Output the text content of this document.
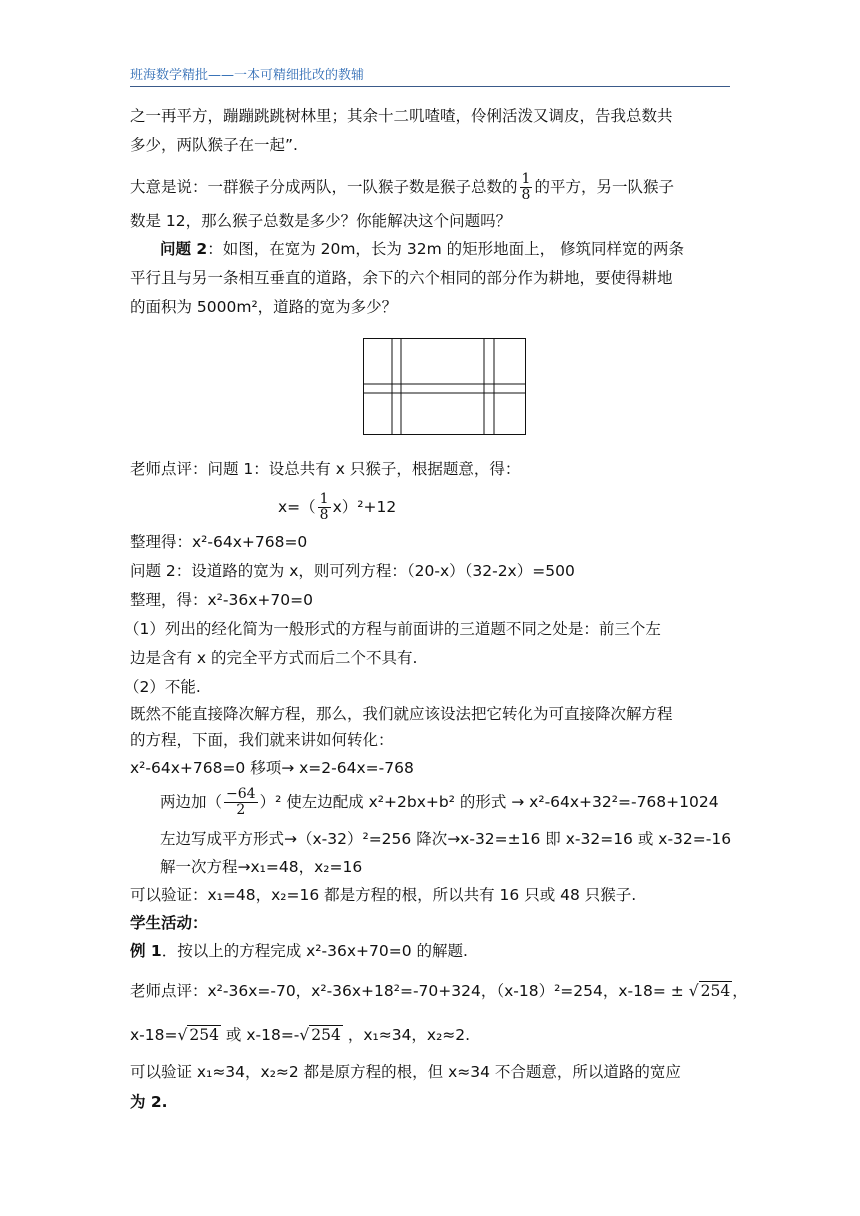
班海数学精批——一本可精细批改的教辅
之一再平方，蹦蹦跳跳树林里；其余十二叽喳喳，伶俐活泼又调皮，告我总数共
多少，两队猴子在一起”.
大意是说：一群猴子分成两队，一队猴子数是猴子总数的 $\frac{1}{8}$ 的平方，另一队猴子
数是 12，那么猴子总数是多少？你能解决这个问题吗？
问题 2：如图，在宽为 20m，长为 32m 的矩形地面上， 修筑同样宽的两条
平行且与另一条相互垂直的道路，余下的六个相同的部分作为耕地，要使得耕地
的面积为 5000m²，道路的宽为多少？
老师点评：问题 1：设总共有 x 只猴子，根据题意，得：
$x=( \frac{1}{8} x)^2+12$
整理得：x²-64x+768=0
问题 2：设道路的宽为 x，则可列方程：（20-x）（32-2x）=500
整理，得：x²-36x+70=0
（1）列出的经化简为一般形式的方程与前面讲的三道题不同之处是：前三个左
边是含有 x 的完全平方式而后二个不具有.
（2）不能.
既然不能直接降次解方程，那么，我们就应该设法把它转化为可直接降次解方程
的方程，下面，我们就来讲如何转化：
x²-64x+768=0 移项→ x=2-64x=-768
两边加（ $\frac{-64}{2} )^2$ 使左边配成 x²+2bx+b² 的形式 → x²-64x+32²=-768+1024
左边写成平方形式→（x-32）²=256 降次→x-32=±16 即 x-32=16 或 x-32=-16
解一次方程→x₁=48，x₂=16
可以验证：x₁=48，x₂=16 都是方程的根，所以共有 16 只或 48 只猴子.
学生活动：
例 1．按以上的方程完成 x²-36x+70=0 的解题.
老师点评：x²-36x=-70，x²-36x+18²=-70+324，（x-18）²=254，x-18= ± √ 254 ，
x-18=√ 254 或 x-18=-√ 254 ，x₁≈34，x₂≈2.
可以验证 x₁≈34，x₂≈2 都是原方程的根，但 x≈34 不合题意，所以道路的宽应
为 2.
